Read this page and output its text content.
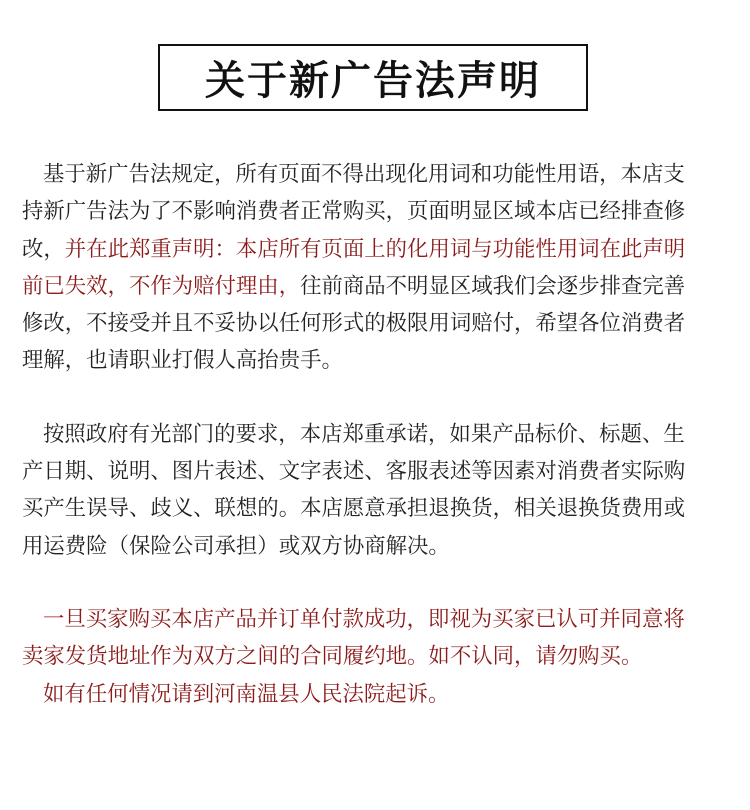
关于新广告法声明
基于新广告法规定，所有页面不得出现化用词和功能性用语，本店支
持新广告法为了不影响消费者正常购买，页面明显区域本店已经排查修
改，并在此郑重声明：本店所有页面上的化用词与功能性用词在此声明
前已失效，不作为赔付理由，往前商品不明显区域我们会逐步排查完善
修改，不接受并且不妥协以任何形式的极限用词赔付，希望各位消费者
理解，也请职业打假人高抬贵手。
按照政府有光部门的要求，本店郑重承诺，如果产品标价、标题、生
产日期、说明、图片表述、文字表述、客服表述等因素对消费者实际购
买产生误导、歧义、联想的。本店愿意承担退换货，相关退换货费用或
用运费险（保险公司承担）或双方协商解决。
一旦买家购买本店产品并订单付款成功，即视为买家已认可并同意将
卖家发货地址作为双方之间的合同履约地。如不认同，请勿购买。
如有任何情况请到河南温县人民法院起诉。
